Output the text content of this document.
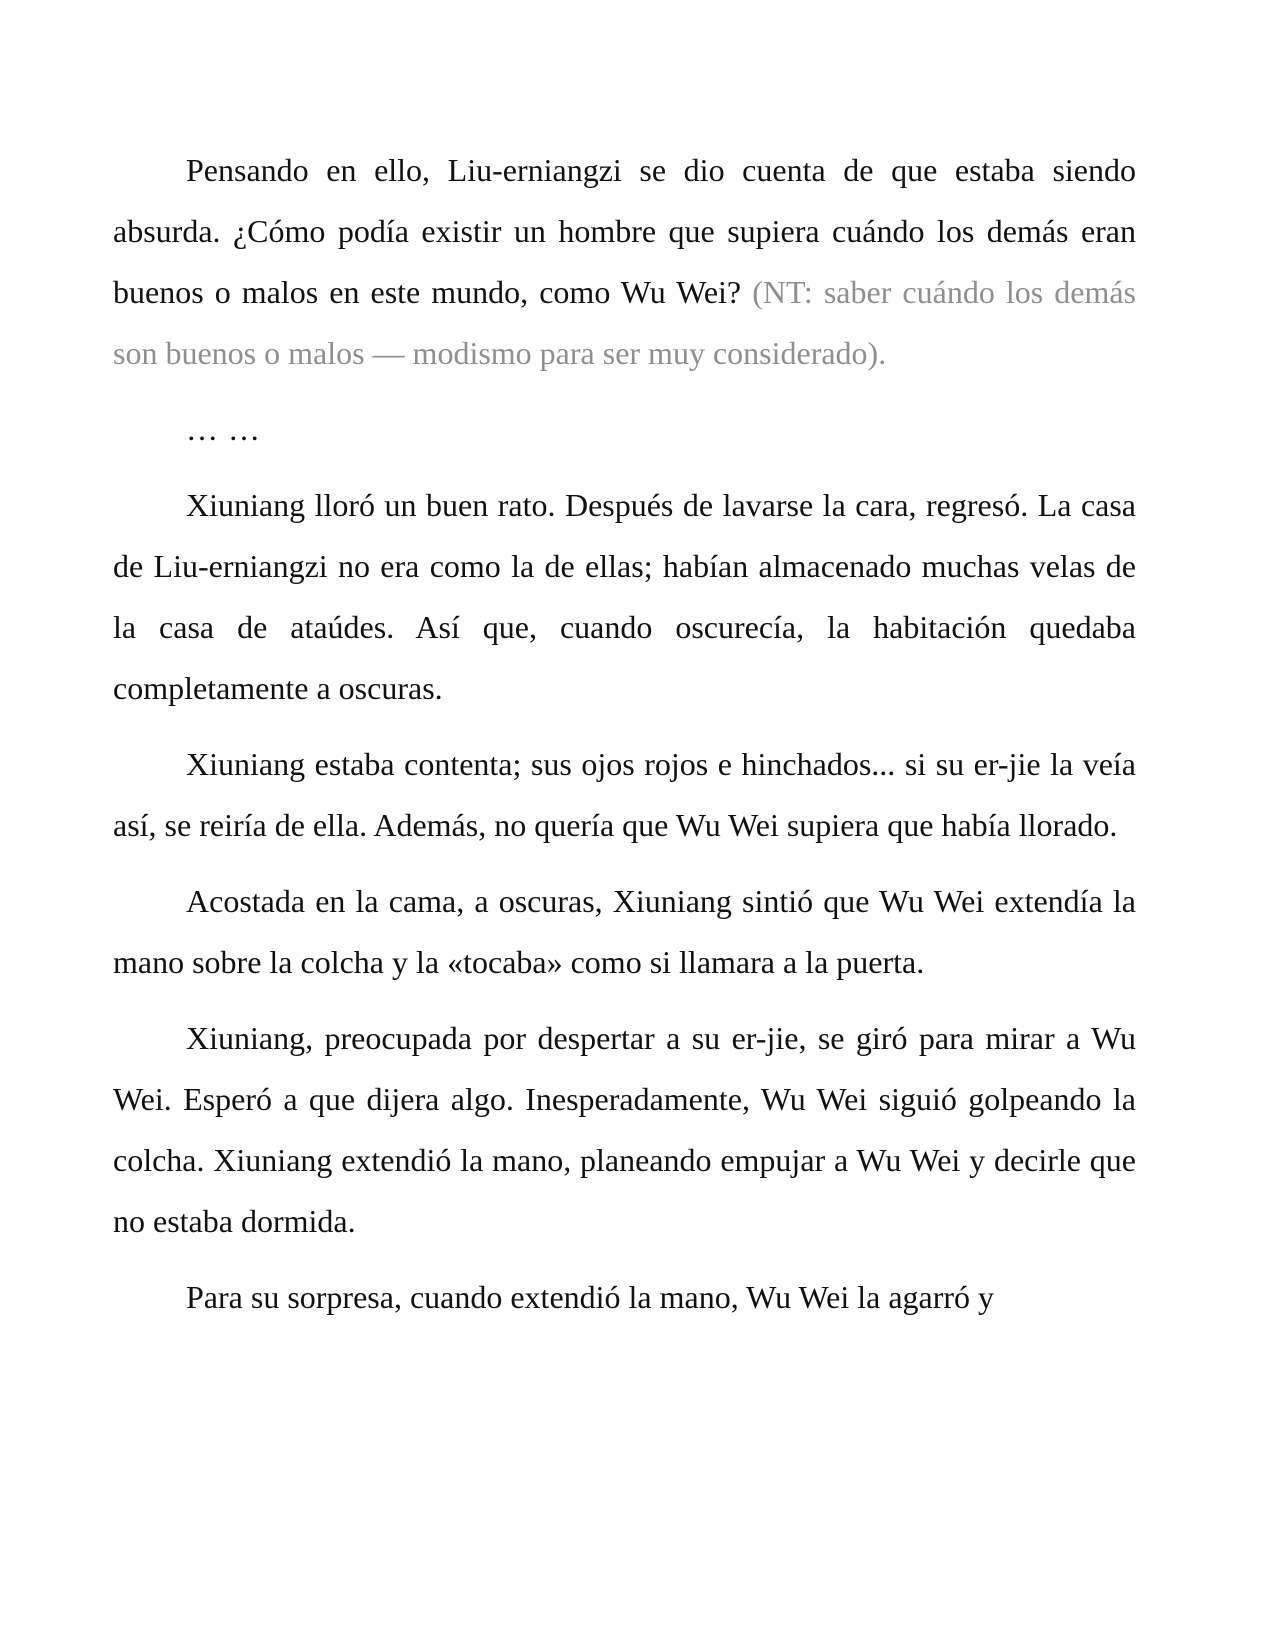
Pensando en ello, Liu-erniangzi se dio cuenta de que estaba siendo absurda. ¿Cómo podía existir un hombre que supiera cuándo los demás eran buenos o malos en este mundo, como Wu Wei? (NT: saber cuándo los demás son buenos o malos — modismo para ser muy considerado).

… …

Xiuniang lloró un buen rato. Después de lavarse la cara, regresó. La casa de Liu-erniangzi no era como la de ellas; habían almacenado muchas velas de la casa de ataúdes. Así que, cuando oscurecía, la habitación quedaba completamente a oscuras.

Xiuniang estaba contenta; sus ojos rojos e hinchados... si su er-jie la veía así, se reiría de ella. Además, no quería que Wu Wei supiera que había llorado.

Acostada en la cama, a oscuras, Xiuniang sintió que Wu Wei extendía la mano sobre la colcha y la «tocaba» como si llamara a la puerta.

Xiuniang, preocupada por despertar a su er-jie, se giró para mirar a Wu Wei. Esperó a que dijera algo. Inesperadamente, Wu Wei siguió golpeando la colcha. Xiuniang extendió la mano, planeando empujar a Wu Wei y decirle que no estaba dormida.

Para su sorpresa, cuando extendió la mano, Wu Wei la agarró y
